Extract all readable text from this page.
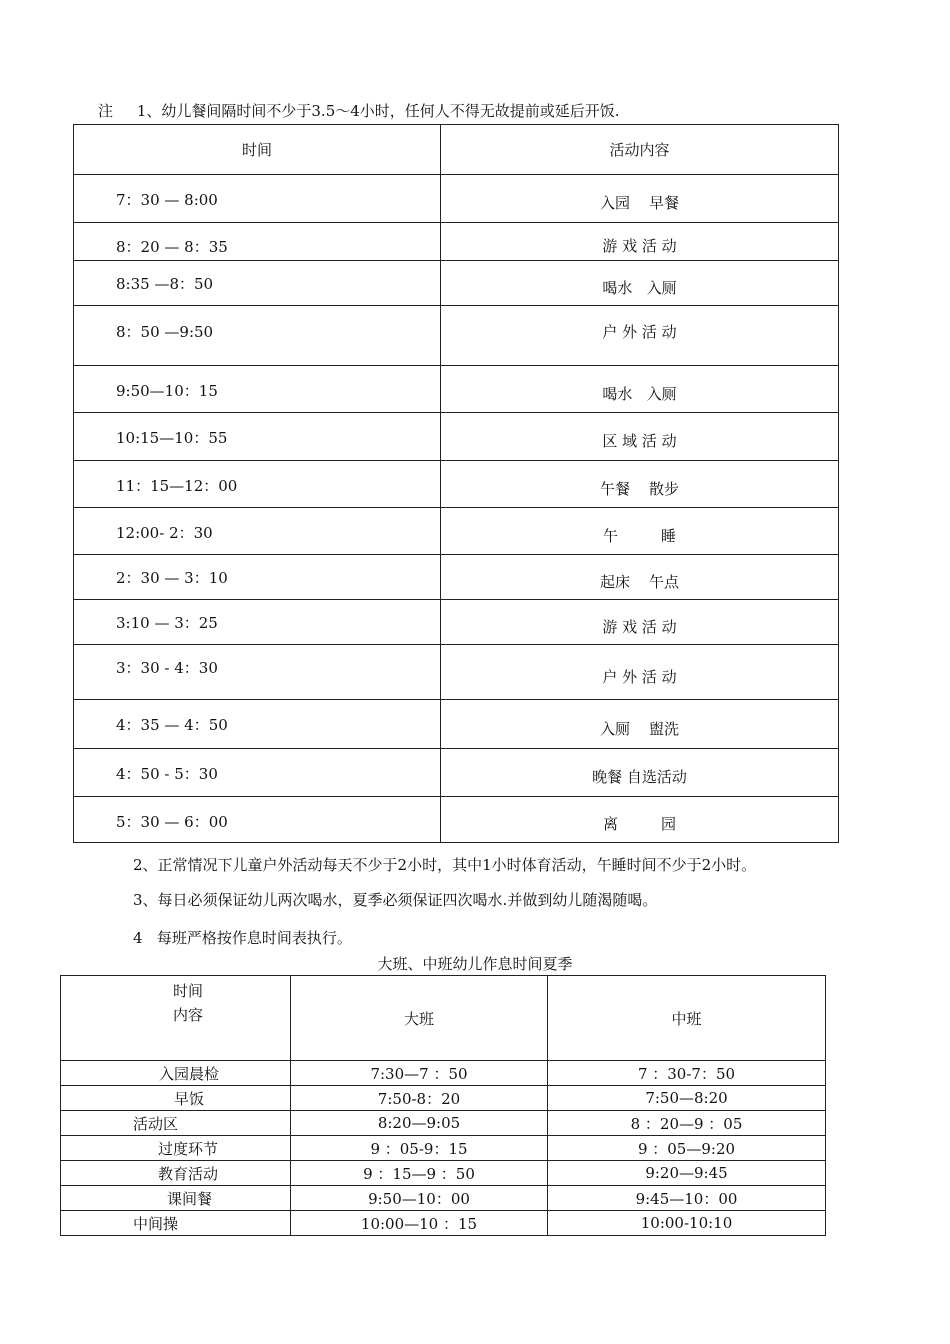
注     1、幼儿餐间隔时间不少于3.5～4小时，任何人不得无故提前或延后开饭.
时间	活动内容
7：30 — 8:00	入园    早餐
8：20 — 8：35	游 戏 活 动
8:35 —8：50	喝水   入厕
8：50 —9:50	户 外 活 动
9:50—10：15	喝水   入厕
10:15—10：55	区 域 活 动
11：15—12：00	午餐    散步
12:00- 2：30	午         睡
2：30 — 3：10	起床    午点
3:10 — 3：25	游 戏 活 动
3：30 - 4：30	户 外 活 动
4：35 — 4：50	入厕    盥洗
4：50 - 5：30	晚餐 自选活动
5：30 — 6：00	离         园
2、正常情况下儿童户外活动每天不少于2小时，其中1小时体育活动，午睡时间不少于2小时。
3、每日必须保证幼儿两次喝水，夏季必须保证四次喝水.并做到幼儿随渴随喝。
4   每班严格按作息时间表执行。
大班、中班幼儿作息时间夏季
时间
内容	大班	中班
入园晨检	7:30—7 ：50	7 ：30-7：50
早饭	7:50-8：20	7:50—8:20
活动区	8:20—9:05	8 ：20—9 ：05
过度环节	9 ：05-9：15	9 ：05—9:20
教育活动	9 ：15—9 ：50	9:20—9:45
课间餐	9:50—10：00	9:45—10：00
中间操	10:00—10 ：15	10:00-10:10
